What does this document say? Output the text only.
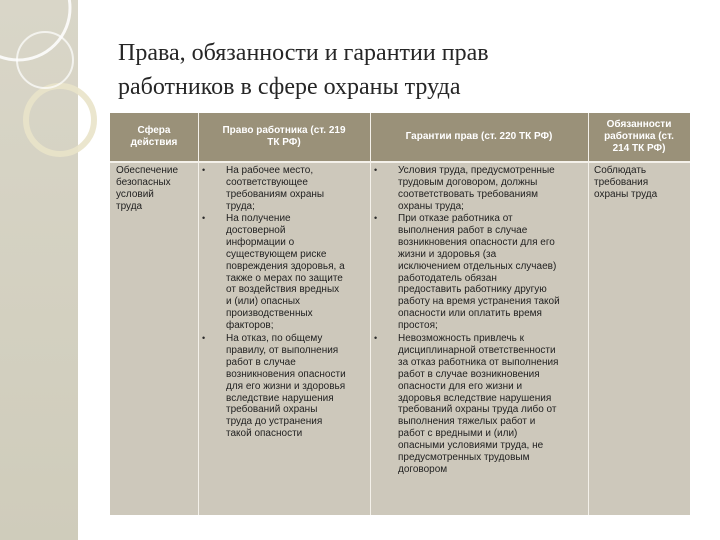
Права, обязанности и гарантии прав
работников в сфере охраны труда
Сфера
действия
Право работника (ст. 219
ТК РФ)
Гарантии прав (ст. 220 ТК РФ)
Обязанности
работника (ст.
214 ТК РФ)
Обеспечение
безопасных
условий
труда
• На рабочее место,
соответствующее
требованиям охраны
труда;
• На получение
достоверной
информации о
существующем риске
повреждения здоровья, а
также о мерах по защите
от воздействия вредных
и (или) опасных
производственных
факторов;
• На отказ, по общему
правилу, от выполнения
работ в случае
возникновения опасности
для его жизни и здоровья
вследствие нарушения
требований охраны
труда до устранения
такой опасности
• Условия труда, предусмотренные
трудовым договором, должны
соответствовать требованиям
охраны труда;
• При отказе работника от
выполнения работ в случае
возникновения опасности для его
жизни и здоровья (за
исключением отдельных случаев)
работодатель обязан
предоставить работнику другую
работу на время устранения такой
опасности или оплатить время
простоя;
• Невозможность привлечь к
дисциплинарной ответственности
за отказ работника от выполнения
работ в случае возникновения
опасности для его жизни и
здоровья вследствие нарушения
требований охраны труда либо от
выполнения тяжелых работ и
работ с вредными и (или)
опасными условиями труда, не
предусмотренных трудовым
договором
Соблюдать
требования
охраны труда
